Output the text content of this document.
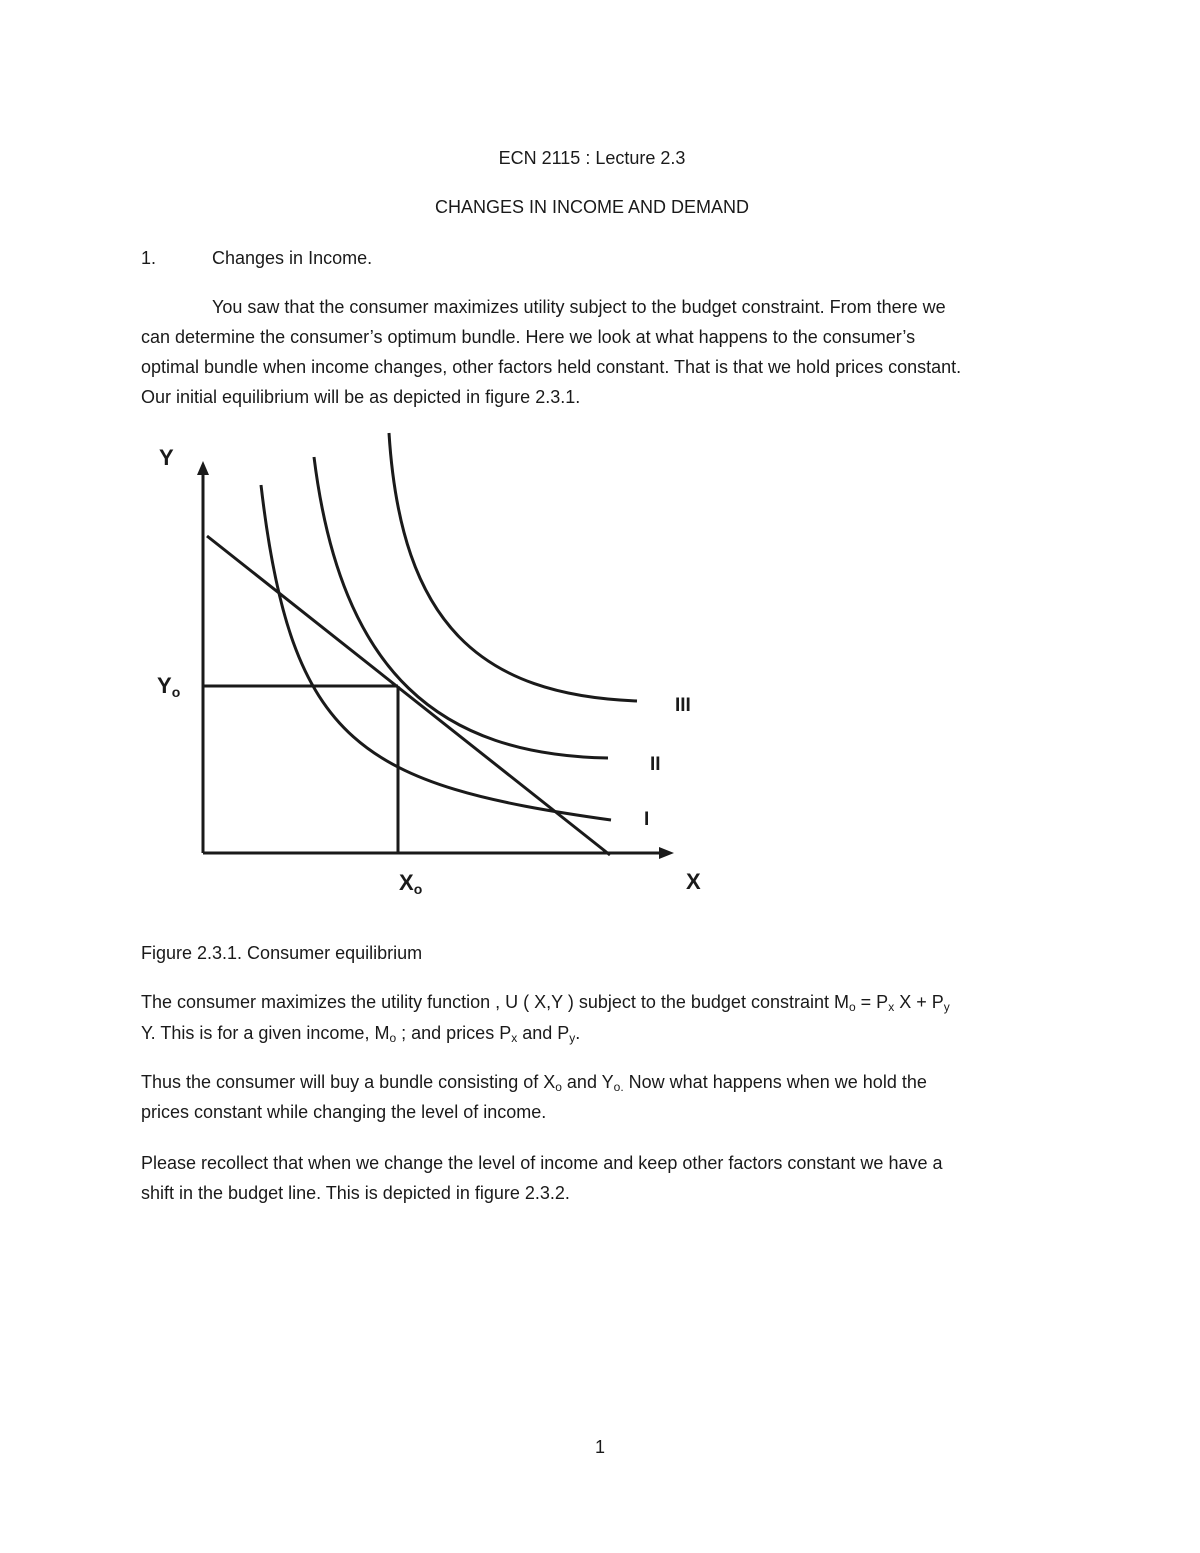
ECN 2115 : Lecture 2.3
CHANGES IN INCOME AND DEMAND
1.	Changes in Income.
You saw that the consumer maximizes utility subject to the budget constraint. From there we
can determine the consumer’s optimum bundle. Here we look at what happens to the consumer’s
optimal bundle when income changes, other factors held constant. That is that we hold prices constant.
Our initial equilibrium will be as depicted in figure 2.3.1.
Y
X
Yo
Xo
III
II
I
Figure 2.3.1. Consumer equilibrium
The consumer maximizes the utility function , U ( X,Y ) subject to the budget constraint $M_o = P_x$ $X + P_y$
Y. This is for a given income, $M_o$ ; and prices $P_x$ and $P_y$.
Thus the consumer will buy a bundle consisting of $X_o$ and $Y_{o.}$ Now what happens when we hold the
prices constant while changing the level of income.
Please recollect that when we change the level of income and keep other factors constant we have a
shift in the budget line. This is depicted in figure 2.3.2.
1
